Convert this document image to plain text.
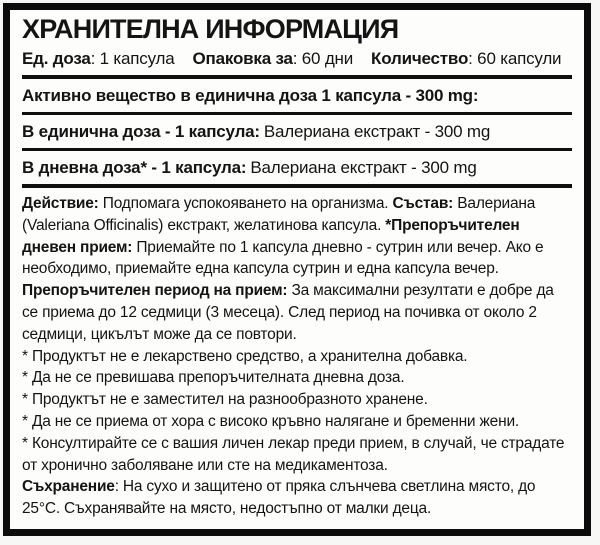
ХРАНИТЕЛНА ИНФОРМАЦИЯ
Ед. доза: 1 капсула Опаковка за: 60 дни Количество: 60 капсули
Активно вещество в единична доза 1 капсула - 300 mg:
В единична доза - 1 капсула: Валериана екстракт - 300 mg
В дневна доза* - 1 капсула: Валериана екстракт - 300 mg

Действие: Подпомага успокояването на организма. Състав: Валериана (Valeriana Officinalis) екстракт, желатинова капсула. *Препоръчителен дневен прием: Приемайте по 1 капсула дневно - сутрин или вечер. Ако е необходимо, приемайте една капсула сутрин и една капсула вечер. Препоръчителен период на прием: За максимални резултати е добре да се приема до 12 седмици (3 месеца). След период на почивка от около 2 седмици, цикълът може да се повтори.

* Продуктът не е лекарствено средство, а хранителна добавка.

* Да не се превишава препоръчителната дневна доза.

* Продуктът не е заместител на разнообразното хранене.

* Да не се приема от хора с високо кръвно налягане и бременни жени.

* Консултирайте се с вашия личен лекар преди прием, в случай, че страдате от хронично заболяване или сте на медикаментоза.

Съхранение: На сухо и защитено от пряка слънчева светлина място, до 25°C. Съхранявайте на място, недостъпно от малки деца.
